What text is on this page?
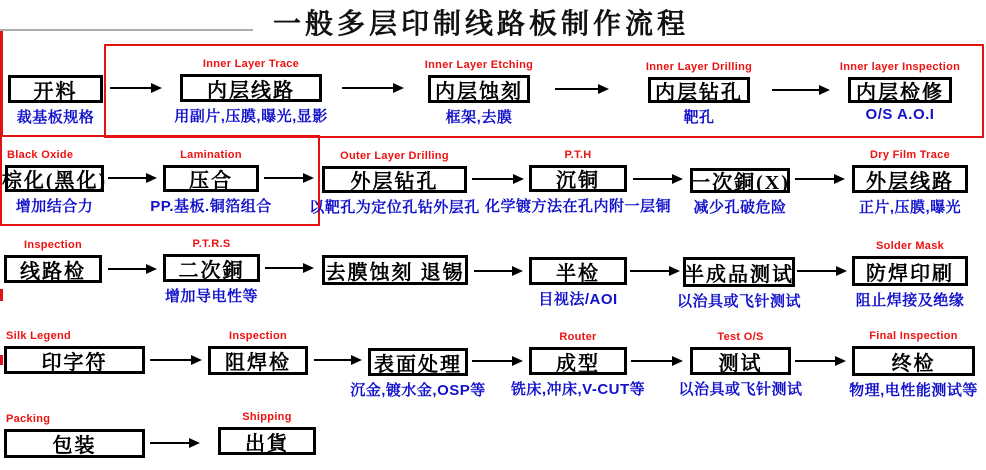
一般多层印制线路板制作流程
开料
裁基板规格
Inner Layer Trace
内层线路
用副片,压膜,曝光,显影
Inner Layer Etching
内层蚀刻
框架,去膜
Inner Layer Drilling
内层钻孔
靶孔
Inner layer Inspection
内层检修
O/S A.O.I
Black Oxide
棕化(黑化)
增加结合力
Lamination
压合
PP.基板.铜箔组合
Outer Layer Drilling
外层钻孔
以靶孔为定位孔钻外层孔
P.T.H
沉铜
化学镀方法在孔内附一层铜
一次銅(X)
减少孔破危险
Dry Film Trace
外层线路
正片,压膜,曝光
Inspection
线路检
P.T.R.S
二次銅
增加导电性等
去膜蚀刻 退锡	半检
目视法/AOI
半成品测试
以治具或飞针测试
Solder Mask
防焊印刷
阻止焊接及绝缘
Silk Legend
印字符
Inspection
阻焊检	表面处理
沉金,镀水金,OSP等
Router
成型
铣床,冲床,V-CUT等
Test O/S
测试
以治具或飞针测试
Final Inspection
终检
物理,电性能测试等
Packing
包装
Shipping
出貨
